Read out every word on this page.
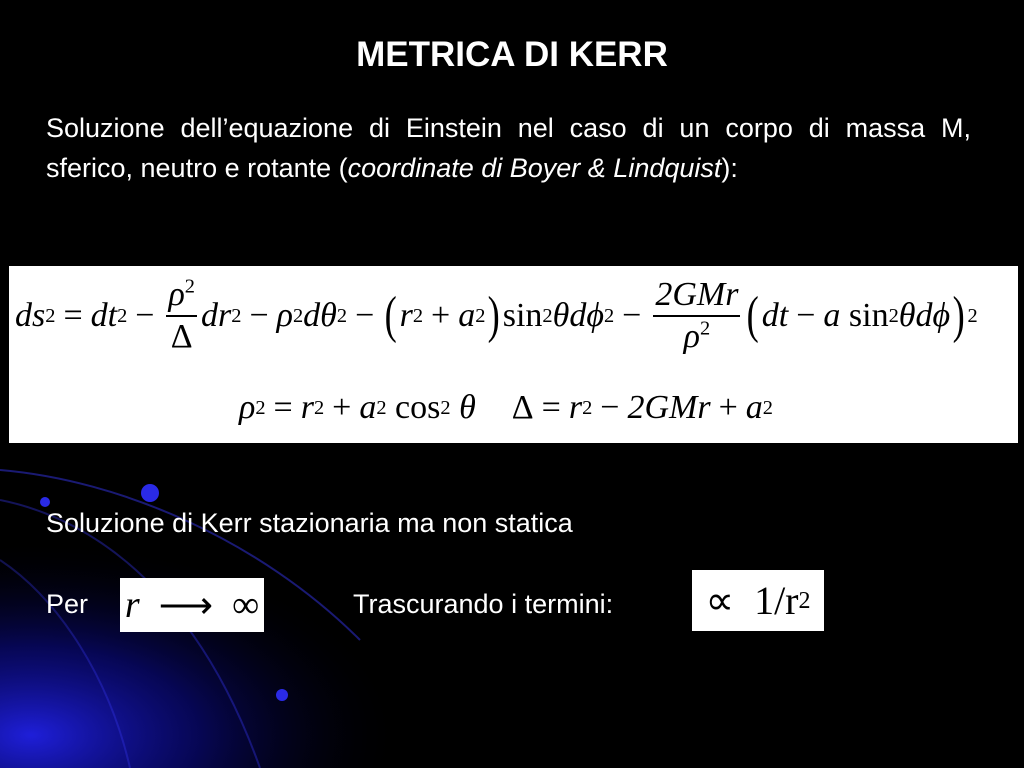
METRICA DI KERR
Soluzione dell’equazione di Einstein nel caso di un corpo di massa M, sferico, neutro e rotante (coordinate di Boyer & Lindquist):
ds 2 = dt $2 - \frac{\rho^2}{\Delta}$ dr 2 − ρ 2 dθ 2 − ( r 2 + a 2 ) sin 2 θdϕ $2 - \frac{\text{2GMr}}{\rho^2}$ ( dt − a
sin 2 θdϕ ) 2
ρ 2 = r 2 + a 2
cos 2
θ Δ = r 2 − 2GMr + a 2
Soluzione di Kerr stazionaria ma non statica
Per r
⟶
∞	Trascurando i termini: ∝
1/r 2
